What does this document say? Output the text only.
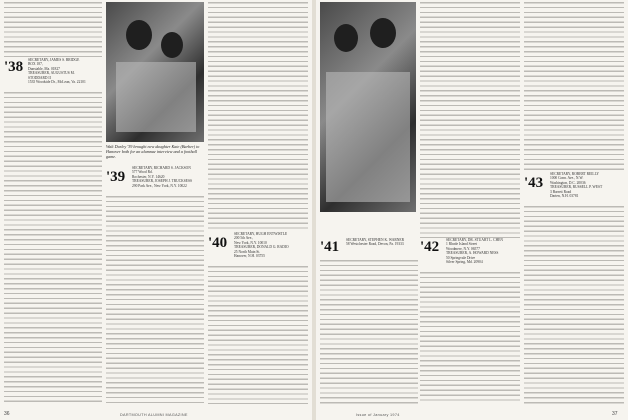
'38 SECRETARY, JAMES S. BRIDGE
BOX 187,
Dunstable, Ma. 01827
TREASURER, AUGUSTUS M. STODDARD II
1535 Woodside Dr., McLean, Va. 22101
Walt Durley '39 brought new daughter Kate (Barber) to Hanover both for an alumnae interview and a football game.
'39
SECRETARY, RICHARD S. JACKSON
577 Wood Rd.
Rochester, N.Y. 14620
TREASURER, JOSEPH J. TRUCKSESS
290 Park Ave., New York, N.Y. 10022
'40
SECRETARY, HUGH ENTWISTLE
200 5th Ave.,
New York, N.Y. 10010
TREASURER, DONALD G. RADIO
25 North Main St.
Hanover, N.H. 03755
36	DARTMOUTH ALUMNI MAGAZINE
'41 SECRETARY, STEPHEN K. WARNER
58 Westchester Road, Devon, Pa. 19333	'42 SECRETARY, DR. STUART L. CHEN
1 Rhode Island Street
Woodmere, N.Y. 06577
TREASURER, A. HOWARD NESS
50 Springvale Drive
Silver Spring, Md. 20904
'43
SECRETARY, ROBERT REILLY
1000 Conn. Ave., N.W.
Washington, D.C. 20036
TREASURER, RUSSELL P. WEST
3 Barrett Road
Darien, N.H. 03781
Issue of January 1974	37
